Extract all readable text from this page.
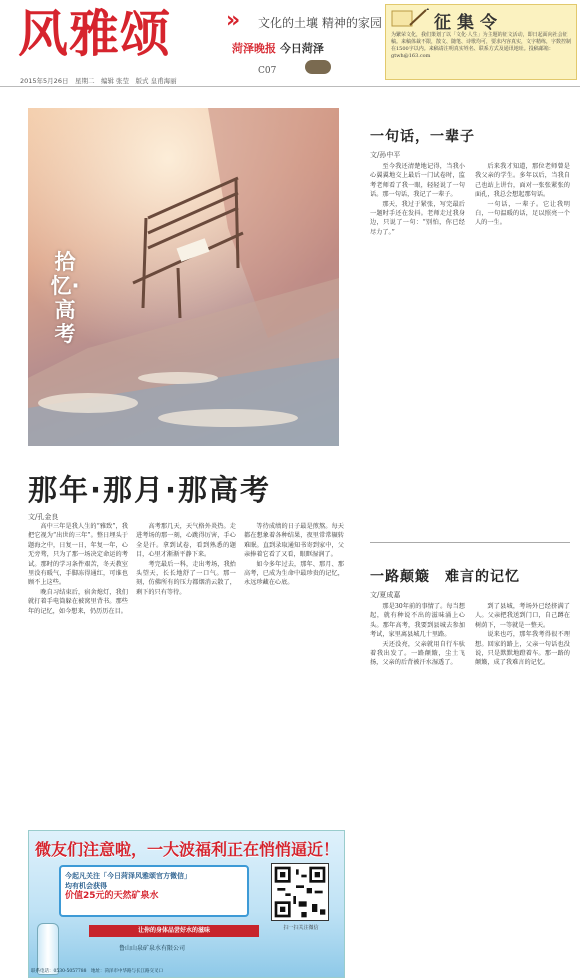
风雅颂	» 文化的土壤 精神的家园
菏泽晚报 今日菏泽
C07
2015年5月26日　星期二　编辑 张莹　版式 皇甫海丽
征集令
为繁荣文化，我们策划了以「文化·人生」为主题的征文活动，即日起面向社会征稿。来稿体裁不限，散文、随笔、诗歌均可，要求内容真实，文字精练，字数控制在1500字以内。来稿请注明真实姓名、联系方式及通讯地址。投稿邮箱：gtwh@163.com
拾忆·高考
那年·那月·那高考
文/孔金良

高中三年是我人生的“雅致”，我把它视为“出世的三年”。整日埋头于题海之中，日复一日，年复一年，心无旁骛，只为了那一场决定命运的考试。那时的学习条件艰苦，冬天教室里没有暖气，手脚冻得通红，可谁也顾不上这些。

晚自习结束后，宿舍熄灯，我们就打着手电筒躲在被窝里背书。那些年的记忆，如今想来，仍历历在目。

高考那几天，天气格外炎热。走进考场的那一刻，心跳得厉害，手心全是汗。拿到试卷，看到熟悉的题目，心里才渐渐平静下来。

考完最后一科，走出考场，我抬头望天，长长地舒了一口气。那一刻，仿佛所有的压力都烟消云散了，剩下的只有等待。

等待成绩的日子最是煎熬。每天都在想象着各种结果，夜里常常辗转难眠。直到录取通知书寄到家中，父亲捧着它看了又看，眼眶湿润了。

如今多年过去，那年、那月、那高考，已成为生命中最珍贵的记忆，永远珍藏在心底。

一句话，一辈子
文/孙中平

至今我还清楚地记得，当我小心翼翼地交上最后一门试卷时，监考老师看了我一眼，轻轻说了一句话。那一句话，我记了一辈子。

那天，我过于紧张，写完最后一题时手还在发抖。老师走过我身边，只说了一句：“别怕，你已经尽力了。”

后来我才知道，那位老师曾是我父亲的学生。多年以后，当我自己也站上讲台，面对一张张紧张的面孔，我总会想起那句话。

一句话，一辈子。它让我明白，一句温暖的话，足以照亮一个人的一生。

一路颠簸　难言的记忆
文/夏成嘉

那是30年前的事情了。每当想起，就有种说不出的滋味涌上心头。那年高考，我要到县城去参加考试，家里离县城几十里路。

天还没亮，父亲就用自行车驮着我出发了。一路颠簸，尘土飞扬，父亲的后背被汗水湿透了。

到了县城，考场外已经挤满了人。父亲把我送到门口，自己蹲在树荫下，一等就是一整天。

说来也巧，那年我考得很不理想。回家的路上，父亲一句话也没说，只是默默地蹬着车。那一路的颠簸，成了我难言的记忆。

微友们注意啦，一大波福利正在悄悄逼近！
今起凡关注「今日菏泽风雅颂官方微信」
均有机会获得
价值25元的天然矿泉水
扫一扫关注微信
让你的身体品尝好水的滋味
鲁山山泉矿泉水有限公司
联系电话：0530-5057788　地址：菏泽市中华路与长江路交叉口
